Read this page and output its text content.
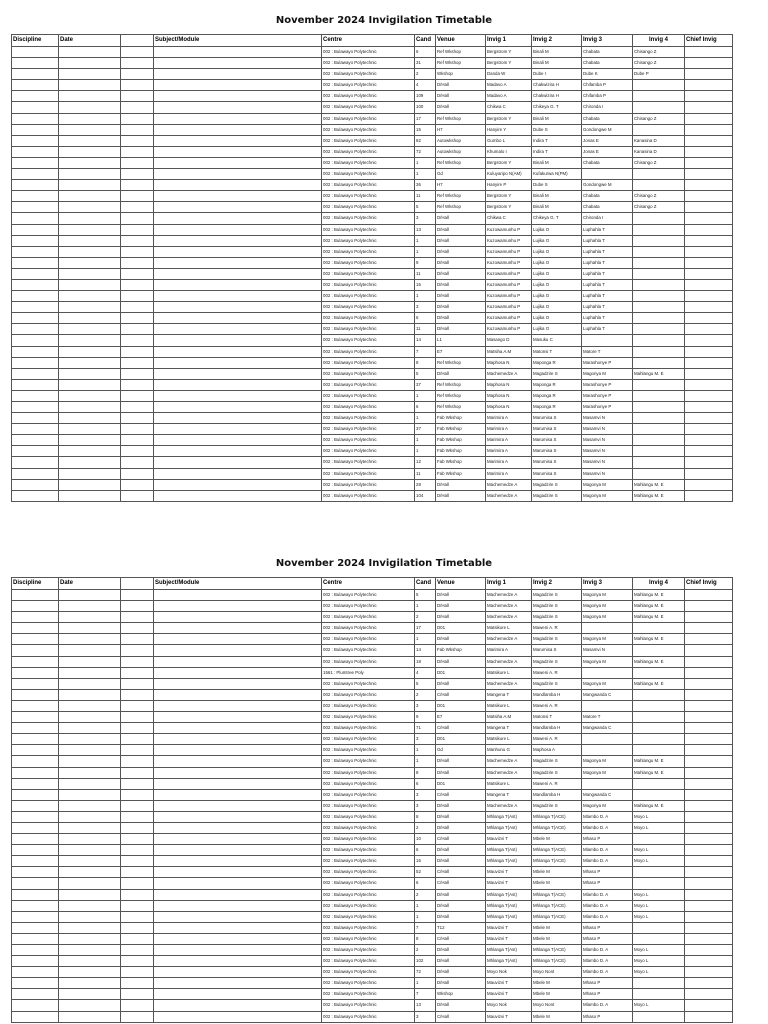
November 2024 Invigilation Timetable
Discipline	Date		Subject/Module	Centre	Cand	Venue	Invig 1	Invig 2	Invig 3	Invig 4	Chief Invig
				002 : Bulawayo Polytechnic	6	Ref Wkshop	Bergstrom Y	Binali M	Chabata	Chisango Z	
				002 : Bulawayo Polytechnic	31	Ref Wkshop	Bergstrom Y	Binali M	Chabata	Chisango Z	
				002 : Bulawayo Polytechnic	2	Wkshop	Danda W	Dube I	Dube K	Dube P	
				002 : Bulawayo Polytechnic	4	D/Hall	Madavo A	Chakwizira H	Chifamba P		
				002 : Bulawayo Polytechnic	109	D/Hall	Madavo A	Chakwizira H	Chifamba P		
				002 : Bulawayo Polytechnic	100	D/Hall	Chikwa C	Chikeya G. T	Chironda I		
				002 : Bulawayo Polytechnic	17	Ref Wkshop	Bergstrom Y	Binali M	Chabata	Chisango Z	
				002 : Bulawayo Polytechnic	15	H7	Hanyire Y	Dube S	Gondongwe M		
				002 : Bulawayo Polytechnic	82	Autowkshop	Gumbo L	Indira T	Jonas E	Kanasina D	
				002 : Bulawayo Polytechnic	72	Autowkshop	Khumalo I	Indira T	Jonas E	Kanasina D	
				002 : Bulawayo Polytechnic	1	Ref Wkshop	Bergstrom Y	Binali M	Chabata	Chisango Z	
				002 : Bulawayo Polytechnic	1	Gd	Kuluyaripo N(AM)	Kufakurwa N(PM)			
				002 : Bulawayo Polytechnic	36	H7	Hanyire P	Dube S	Gondongwe M		
				002 : Bulawayo Polytechnic	11	Ref Wkshop	Bergstrom Y	Binali M	Chabata	Chisango Z	
				002 : Bulawayo Polytechnic	5	Ref Wkshop	Bergstrom Y	Binali M	Chabata	Chisango Z	
				002 : Bulawayo Polytechnic	3	D/Hall	Chikwa C	Chikeya G. T	Chironda I		
				002 : Bulawayo Polytechnic	13	D/Hall	Kuzowamunhu P	Lujika O	Luphahla T		
				002 : Bulawayo Polytechnic	1	D/Hall	Kuzowamunhu P	Lujika O	Luphahla T		
				002 : Bulawayo Polytechnic	1	D/Hall	Kuzowamunhu P	Lujika O	Luphahla T		
				002 : Bulawayo Polytechnic	9	D/Hall	Kuzowamunhu P	Lujika O	Luphahla T		
				002 : Bulawayo Polytechnic	11	D/Hall	Kuzowamunhu P	Lujika O	Luphahla T		
				002 : Bulawayo Polytechnic	15	D/Hall	Kuzowamunhu P	Lujika O	Luphahla T		
				002 : Bulawayo Polytechnic	1	D/Hall	Kuzowamunhu P	Lujika O	Luphahla T		
				002 : Bulawayo Polytechnic	3	D/Hall	Kuzowamunhu P	Lujika O	Luphahla T		
				002 : Bulawayo Polytechnic	6	D/Hall	Kuzowamunhu P	Lujika O	Luphahla T		
				002 : Bulawayo Polytechnic	11	D/Hall	Kuzowamunhu P	Lujika O	Luphahla T		
				002 : Bulawayo Polytechnic	14	L1	Masango D	Masuku C			
				002 : Bulawayo Polytechnic	7	E7	Matsiha A.M	Matonsi T	Matore T		
				002 : Bulawayo Polytechnic	8	Ref Wkshop	Maphosa N	Maponga R	Marashonye P		
				002 : Bulawayo Polytechnic	5	D/Hall	Machemedze A	Magadzire S	Magonya M	Mahlangu M. E	
				002 : Bulawayo Polytechnic	37	Ref Wkshop	Maphosa N	Maponga R	Marashonye P		
				002 : Bulawayo Polytechnic	1	Ref Wkshop	Maphosa N	Maponga R	Marashonye P		
				002 : Bulawayo Polytechnic	6	Ref Wkshop	Maphosa N	Maponga R	Marashonye P		
				002 : Bulawayo Polytechnic	1	Fab Wkshop	Marimira A	Marumisa S	Masamvi N		
				002 : Bulawayo Polytechnic	37	Fab Wkshop	Marimira A	Marumisa S	Masamvi N		
				002 : Bulawayo Polytechnic	1	Fab Wkshop	Marimira A	Marumisa S	Masamvi N		
				002 : Bulawayo Polytechnic	1	Fab Wkshop	Marimira A	Marumisa S	Masamvi N		
				002 : Bulawayo Polytechnic	12	Fab Wkshop	Marimira A	Marumisa S	Masamvi N		
				002 : Bulawayo Polytechnic	11	Fab Wkshop	Marimira A	Marumisa S	Masamvi N		
				002 : Bulawayo Polytechnic	28	D/Hall	Machemedze A	Magadzire S	Magonya M	Mahlangu M. E	
				002 : Bulawayo Polytechnic	104	D/Hall	Machemedze A	Magadzire S	Magonya M	Mahlangu M. E	
November 2024 Invigilation Timetable
Discipline	Date		Subject/Module	Centre	Cand	Venue	Invig 1	Invig 2	Invig 3	Invig 4	Chief Invig
				002 : Bulawayo Polytechnic	5	D/Hall	Machemedze A	Magadzire S	Magonya M	Mahlangu M. E	
				002 : Bulawayo Polytechnic	1	D/Hall	Machemedze A	Magadzire S	Magonya M	Mahlangu M. E	
				002 : Bulawayo Polytechnic	2	D/Hall	Machemedze A	Magadzire S	Magonya M	Mahlangu M. E	
				002 : Bulawayo Polytechnic	17	D01	Matsikure L	Maweni A. R			
				002 : Bulawayo Polytechnic	1	D/Hall	Machemedze A	Magadzire S	Magonya M	Mahlangu M. E	
				002 : Bulawayo Polytechnic	14	Fab Wkshop	Marimira A	Marumisa S	Masamvi N		
				002 : Bulawayo Polytechnic	18	D/Hall	Machemedze A	Magadzire S	Magonya M	Mahlangu M. E	
				1561 : Plumtree Poly	4	D01	Matsikure L	Maweni A. R			
				002 : Bulawayo Polytechnic	5	D/Hall	Machemedze A	Magadzire S	Magonya M	Mahlangu M. E	
				002 : Bulawayo Polytechnic	2	C/Hall	Mangena T	Mandlamba H	Mangwanda C		
				002 : Bulawayo Polytechnic	3	D01	Matsikure L	Maweni A. R			
				002 : Bulawayo Polytechnic	9	E7	Matsiha A.M	Matonsi T	Matore T		
				002 : Bulawayo Polytechnic	71	C/Hall	Mangena T	Mandlamba H	Mangwanda C		
				002 : Bulawayo Polytechnic	3	D01	Matsikure L	Maweni A. R			
				002 : Bulawayo Polytechnic	1	Gd	Manhunu G	Maphosa A			
				002 : Bulawayo Polytechnic	1	D/Hall	Machemedze A	Magadzire S	Magonya M	Mahlangu M. E	
				002 : Bulawayo Polytechnic	8	D/Hall	Machemedze A	Magadzire S	Magonya M	Mahlangu M. E	
				002 : Bulawayo Polytechnic	6	D01	Matsikure L	Maweni A. R			
				002 : Bulawayo Polytechnic	3	C/Hall	Mangena T	Mandlamba H	Mangwanda C		
				002 : Bulawayo Polytechnic	3	D/Hall	Machemedze A	Magadzire S	Magonya M	Mahlangu M. E	
				002 : Bulawayo Polytechnic	8	D/Hall	Mhlanga T(Ast)	Mhlanga T(ACE)	Mlambo D. A	Moyo L	
				002 : Bulawayo Polytechnic	2	D/Hall	Mhlanga T(Ast)	Mhlanga T(ACE)	Mlambo D. A	Moyo L	
				002 : Bulawayo Polytechnic	10	C/Hall	Mauvizvi T	Mbele M	Mhaso P		
				002 : Bulawayo Polytechnic	6	D/Hall	Mhlanga T(Ast)	Mhlanga T(ACE)	Mlambo D. A	Moyo L	
				002 : Bulawayo Polytechnic	16	D/Hall	Mhlanga T(Ast)	Mhlanga T(ACE)	Mlambo D. A	Moyo L	
				002 : Bulawayo Polytechnic	52	C/Hall	Mauvizvi T	Mbele M	Mhaso P		
				002 : Bulawayo Polytechnic	6	C/Hall	Mauvizvi T	Mbele M	Mhaso P		
				002 : Bulawayo Polytechnic	2	D/Hall	Mhlanga T(Ast)	Mhlanga T(ACE)	Mlambo D. A	Moyo L	
				002 : Bulawayo Polytechnic	1	D/Hall	Mhlanga T(Ast)	Mhlanga T(ACE)	Mlambo D. A	Moyo L	
				002 : Bulawayo Polytechnic	1	D/Hall	Mhlanga T(Ast)	Mhlanga T(ACE)	Mlambo D. A	Moyo L	
				002 : Bulawayo Polytechnic	7	T12	Mauvizvi T	Mbele M	Mhaso P		
				002 : Bulawayo Polytechnic	8	C/Hall	Mauvizvi T	Mbele M	Mhaso P		
				002 : Bulawayo Polytechnic	2	D/Hall	Mhlanga T(Ast)	Mhlanga T(ACE)	Mlambo D. A	Moyo L	
				002 : Bulawayo Polytechnic	102	D/Hall	Mhlanga T(Ast)	Mhlanga T(ACE)	Mlambo D. A	Moyo L	
				002 : Bulawayo Polytechnic	72	D/Hall	Moyo Nok	Moyo Nont	Mlambo D. A	Moyo L	
				002 : Bulawayo Polytechnic	1	D/Hall	Mauvizvi T	Mbele M	Mhaso P		
				002 : Bulawayo Polytechnic	7	Wkshop	Mauvizvi T	Mbele M	Mhaso P		
				002 : Bulawayo Polytechnic	13	D/Hall	Moyo Nok	Moyo Nont	Mlambo D. A	Moyo L	
				002 : Bulawayo Polytechnic	3	C/Hall	Mauvizvi T	Mbele M	Mhaso P		
